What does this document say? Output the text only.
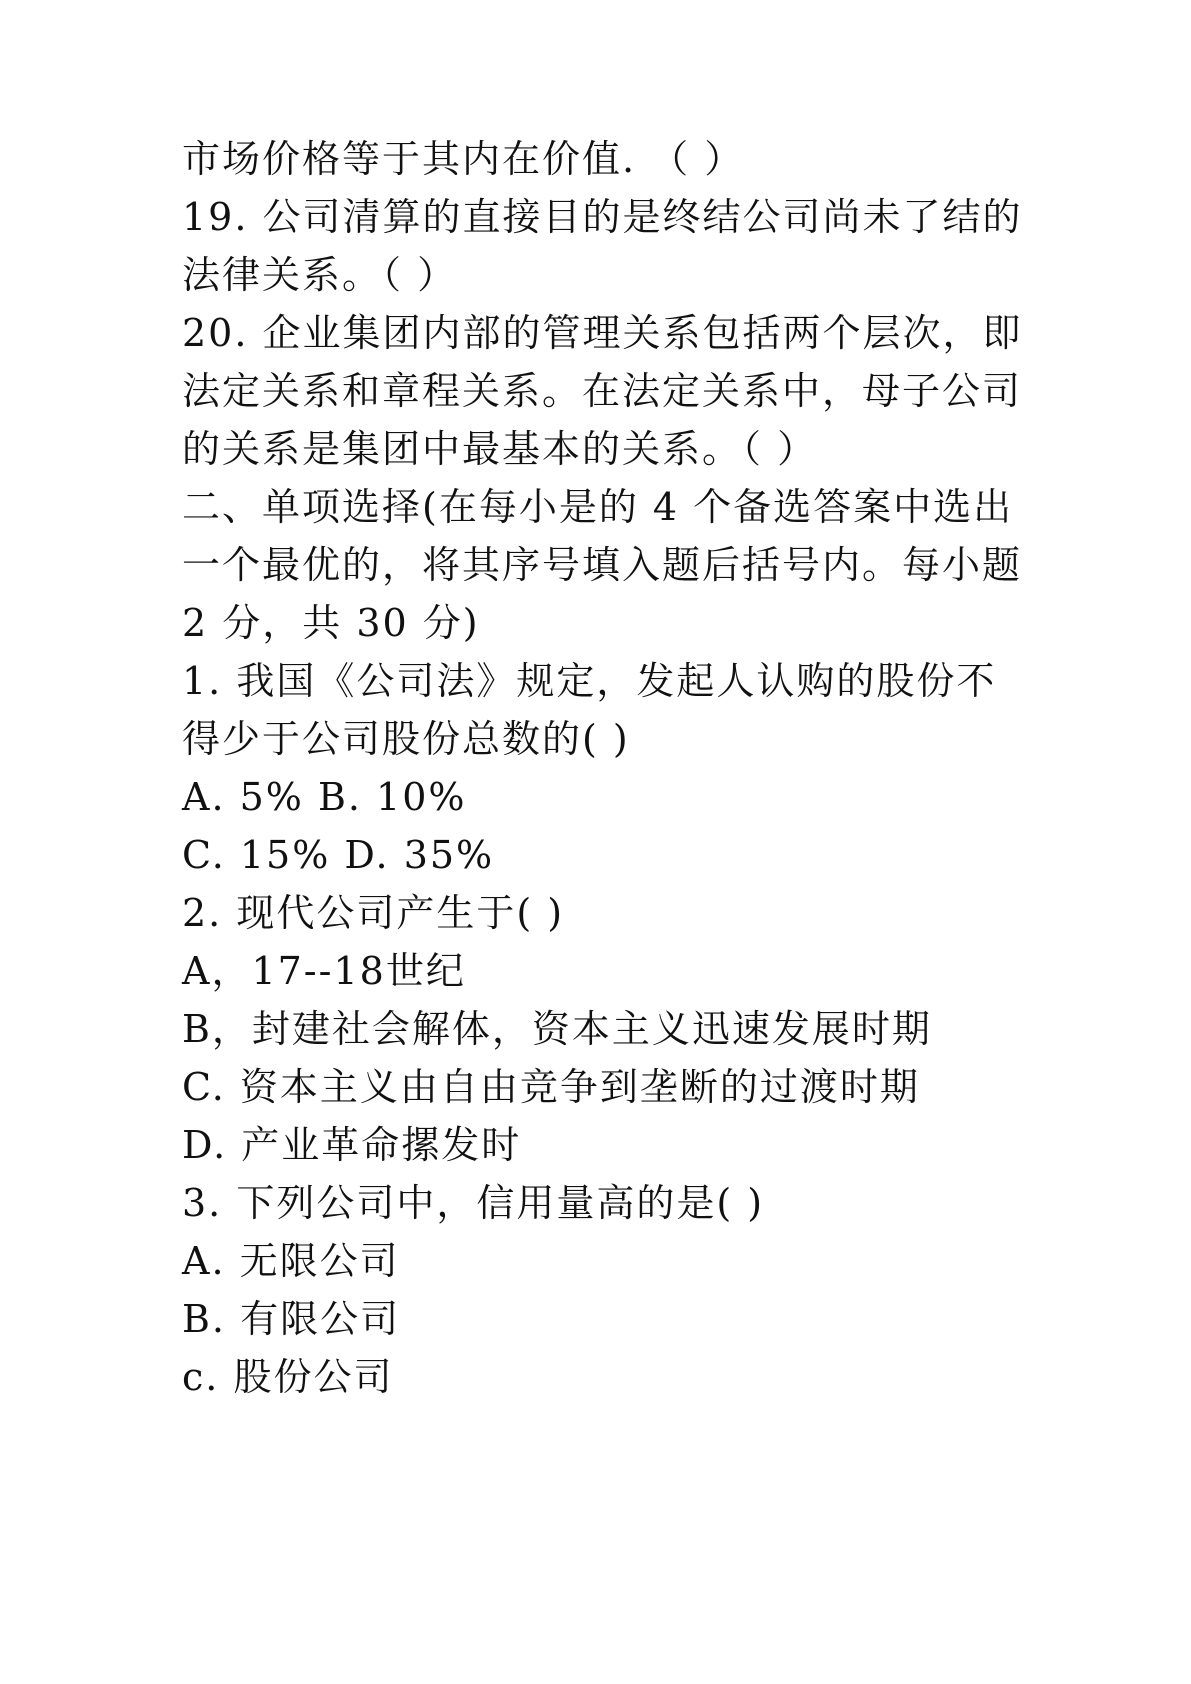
市场价格等于其内在价值. （ ）

19. 公司清算的直接目的是终结公司尚未了结的

法律关系。（ ）

20. 企业集团内部的管理关系包括两个层次，即

法定关系和章程关系。在法定关系中，母子公司

的关系是集团中最基本的关系。（ ）

二、单项选择(在每小是的 4 个备选答案中选出

一个最优的，将其序号填入题后括号内。每小题

2 分，共 30 分)

1. 我国《公司法》规定，发起人认购的股份不

得少于公司股份总数的( )

A. 5% B. 10%

C. 15% D. 35%

2. 现代公司产生于( )

A，17--18世纪

B，封建社会解体，资本主义迅速发展时期

C. 资本主义由自由竞争到垄断的过渡时期

D. 产业革命摞发时

3. 下列公司中，信用量高的是( )

A. 无限公司

B. 有限公司

c. 股份公司
